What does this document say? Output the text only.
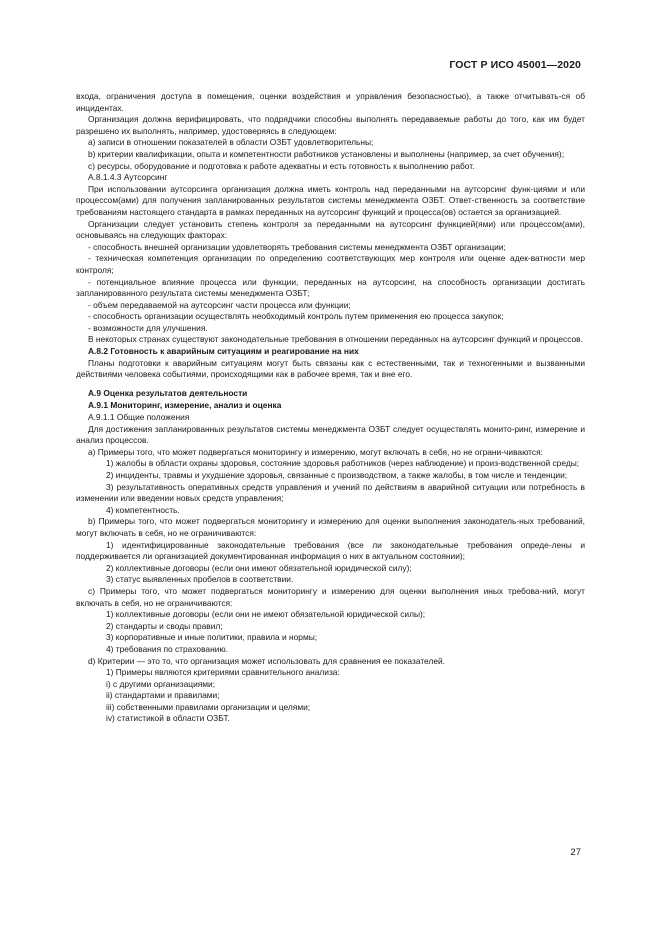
ГОСТ Р ИСО 45001—2020

входа, ограничения доступа в помещения, оценки воздействия и управления безопасностью), а также отчитывать-ся об инцидентах.

Организация должна верифицировать, что подрядчики способны выполнять передаваемые работы до того, как им будет разрешено их выполнять, например, удостоверяясь в следующем:

a) записи в отношении показателей в области ОЗБТ удовлетворительны;

b) критерии квалификации, опыта и компетентности работников установлены и выполнены (например, за счет обучения);

c) ресурсы, оборудование и подготовка к работе адекватны и есть готовность к выполнению работ.

A.8.1.4.3 Аутсорсинг

При использовании аутсорсинга организация должна иметь контроль над переданными на аутсорсинг функ-циями и или процессом(ами) для получения запланированных результатов системы менеджмента ОЗБТ. Ответ-ственность за соответствие требованиям настоящего стандарта в рамках переданных на аутсорсинг функций и процесса(ов) остается за организацией.

Организации следует установить степень контроля за переданными на аутсорсинг функцией(ями) или процессом(ами), основываясь на следующих факторах:

- способность внешней организации удовлетворять требования системы менеджмента ОЗБТ организации;

- техническая компетенция организации по определению соответствующих мер контроля или оценке адек-ватности мер контроля;

- потенциальное влияние процесса или функции, переданных на аутсорсинг, на способность организации достигать запланированного результата системы менеджмента ОЗБТ;

- объем передаваемой на аутсорсинг части процесса или функции;

- способность организации осуществлять необходимый контроль путем применения ею процесса закупок;

- возможности для улучшения.

В некоторых странах существуют законодательные требования в отношении переданных на аутсорсинг функций и процессов.

A.8.2 Готовность к аварийным ситуациям и реагирование на них

Планы подготовки к аварийным ситуациям могут быть связаны как с естественными, так и техногенными и вызванными действиями человека событиями, происходящими как в рабочее время, так и вне его.

A.9 Оценка результатов деятельности

A.9.1 Мониторинг, измерение, анализ и оценка

A.9.1.1 Общие положения

Для достижения запланированных результатов системы менеджмента ОЗБТ следует осуществлять монито-ринг, измерение и анализ процессов.

a) Примеры того, что может подвергаться мониторингу и измерению, могут включать в себя, но не ограни-чиваются:

1) жалобы в области охраны здоровья, состояние здоровья работников (через наблюдение) и произ-водственной среды;

2) инциденты, травмы и ухудшение здоровья, связанные с производством, а также жалобы, в том числе и тенденции;

3) результативность оперативных средств управления и учений по действиям в аварийной ситуации или потребность в изменении или введении новых средств управления;

4) компетентность.

b) Примеры того, что может подвергаться мониторингу и измерению для оценки выполнения законодатель-ных требований, могут включать в себя, но не ограничиваются:

1) идентифицированные законодательные требования (все ли законодательные требования опреде-лены и поддерживается ли организацией документированная информация о них в актуальном состоянии);

2) коллективные договоры (если они имеют обязательной юридической силу);

3) статус выявленных пробелов в соответствии.

c) Примеры того, что может подвергаться мониторингу и измерению для оценки выполнения иных требова-ний, могут включать в себя, но не ограничиваются:

1) коллективные договоры (если они не имеют обязательной юридической силы);

2) стандарты и своды правил;

3) корпоративные и иные политики, правила и нормы;

4) требования по страхованию.

d) Критерии — это то, что организация может использовать для сравнения ее показателей.

1) Примеры являются критериями сравнительного анализа:

i) с другими организациями;

ii) стандартами и правилами;

iii) собственными правилами организации и целями;

iv) статистикой в области ОЗБТ.

27
